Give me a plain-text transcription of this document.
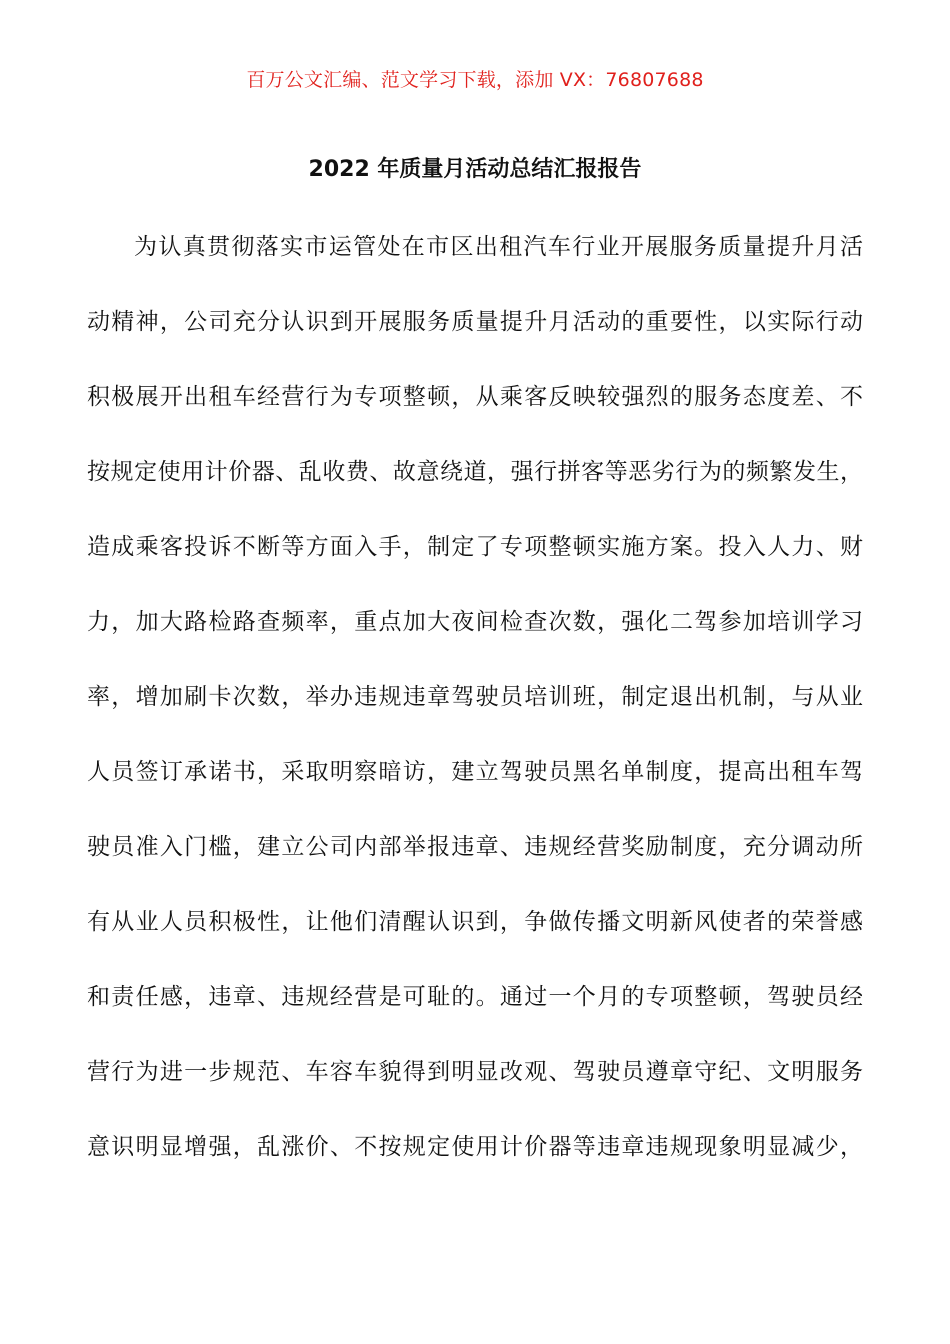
百万公文汇编、范文学习下载，添加 VX：76807688
2022 年质量月活动总结汇报报告
为认真贯彻落实市运管处在市区出租汽车行业开展服务质量提升月活
动精神，公司充分认识到开展服务质量提升月活动的重要性，以实际行动
积极展开出租车经营行为专项整顿，从乘客反映较强烈的服务态度差、不
按规定使用计价器、乱收费、故意绕道，强行拼客等恶劣行为的频繁发生，
造成乘客投诉不断等方面入手，制定了专项整顿实施方案。投入人力、财
力，加大路检路查频率，重点加大夜间检查次数，强化二驾参加培训学习
率，增加刷卡次数，举办违规违章驾驶员培训班，制定退出机制，与从业
人员签订承诺书，采取明察暗访，建立驾驶员黑名单制度，提高出租车驾
驶员准入门槛，建立公司内部举报违章、违规经营奖励制度，充分调动所
有从业人员积极性，让他们清醒认识到，争做传播文明新风使者的荣誉感
和责任感，违章、违规经营是可耻的。通过一个月的专项整顿，驾驶员经
营行为进一步规范、车容车貌得到明显改观、驾驶员遵章守纪、文明服务
意识明显增强，乱涨价、不按规定使用计价器等违章违规现象明显减少，
